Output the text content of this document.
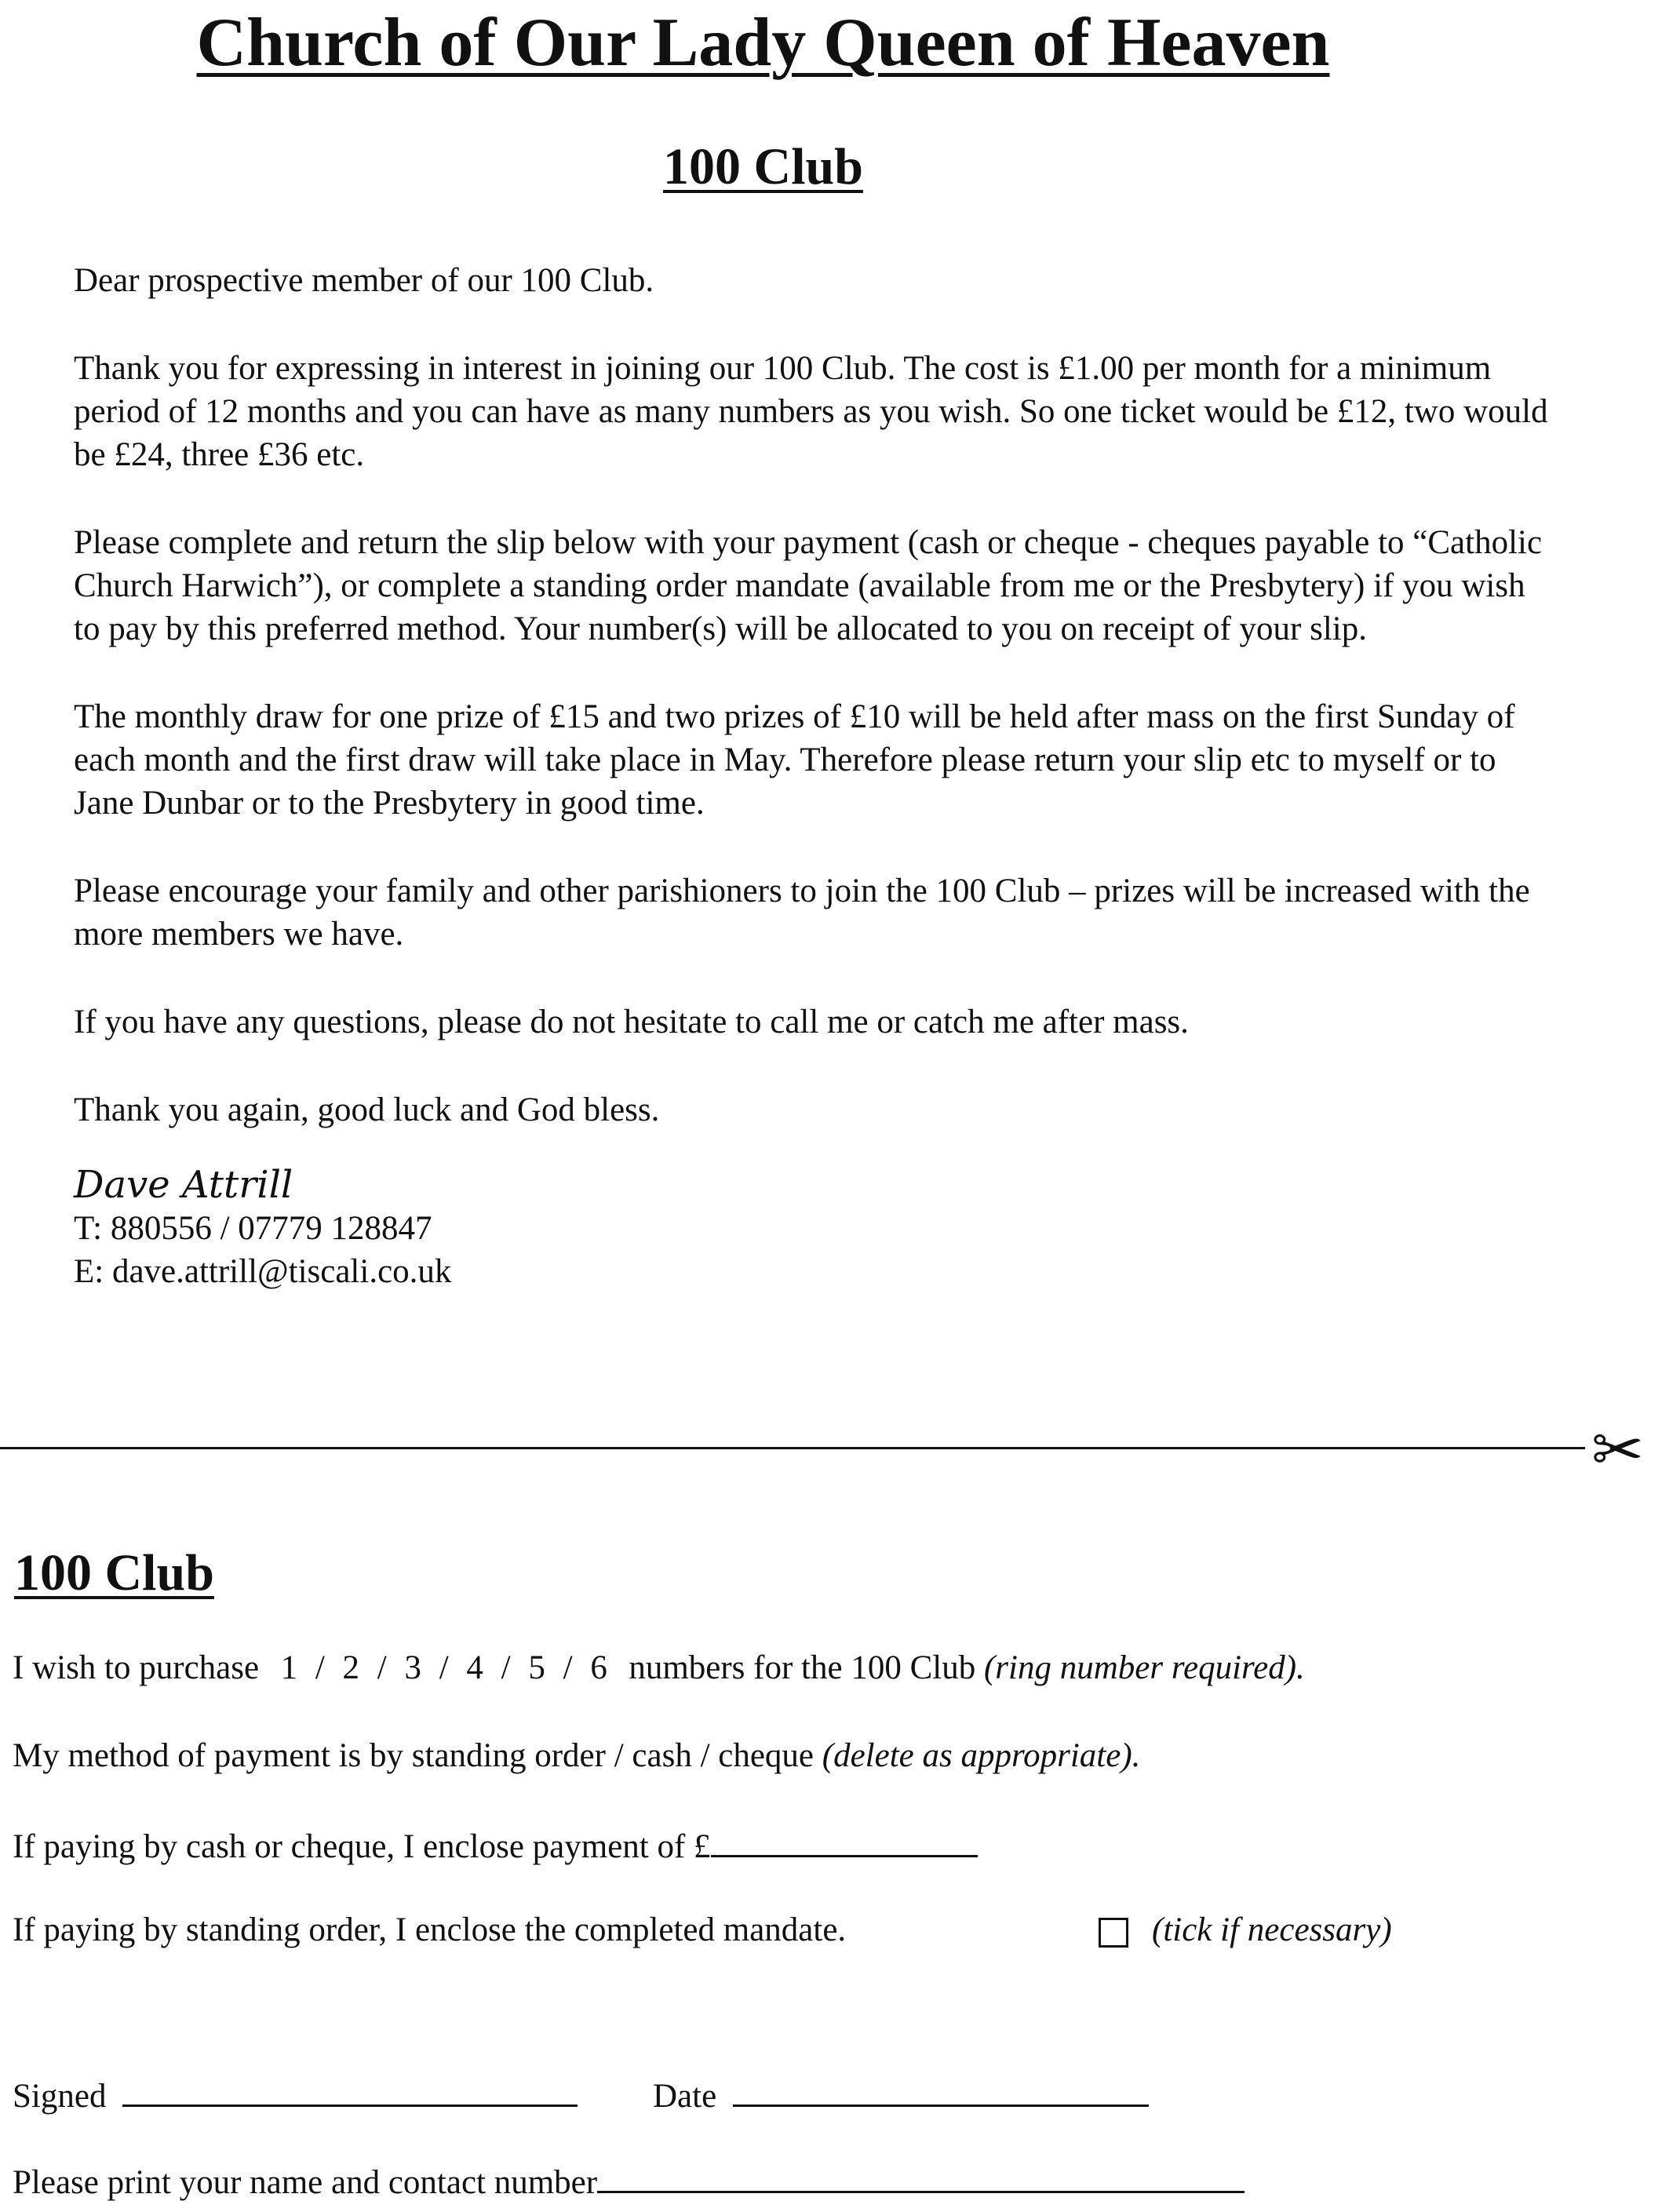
Church of Our Lady Queen of Heaven
100 Club

Dear prospective member of our 100 Club.

Thank you for expressing in interest in joining our 100 Club. The cost is £1.00 per month for a minimum period of 12 months and you can have as many numbers as you wish. So one ticket would be £12, two would be £24, three £36 etc.

Please complete and return the slip below with your payment (cash or cheque - cheques payable to “Catholic Church Harwich”), or complete a standing order mandate (available from me or the Presbytery) if you wish to pay by this preferred method. Your number(s) will be allocated to you on receipt of your slip.

The monthly draw for one prize of £15 and two prizes of £10 will be held after mass on the first Sunday of each month and the first draw will take place in May. Therefore please return your slip etc to myself or to Jane Dunbar or to the Presbytery in good time.

Please encourage your family and other parishioners to join the 100 Club – prizes will be increased with the more members we have.

If you have any questions, please do not hesitate to call me or catch me after mass.

Thank you again, good luck and God bless.

Dave Attrill

T: 880556 / 07779 128847

E: dave.attrill@tiscali.co.uk

✂
100 Club
I wish to purchase 1 / 2 / 3 / 4 / 5 / 6 numbers for the 100 Club (ring number required).
My method of payment is by standing order / cash / cheque (delete as appropriate).
If paying by cash or cheque, I enclose payment of £
If paying by standing order, I enclose the completed mandate.	(tick if necessary)
Signed	Date
Please print your name and contact number
